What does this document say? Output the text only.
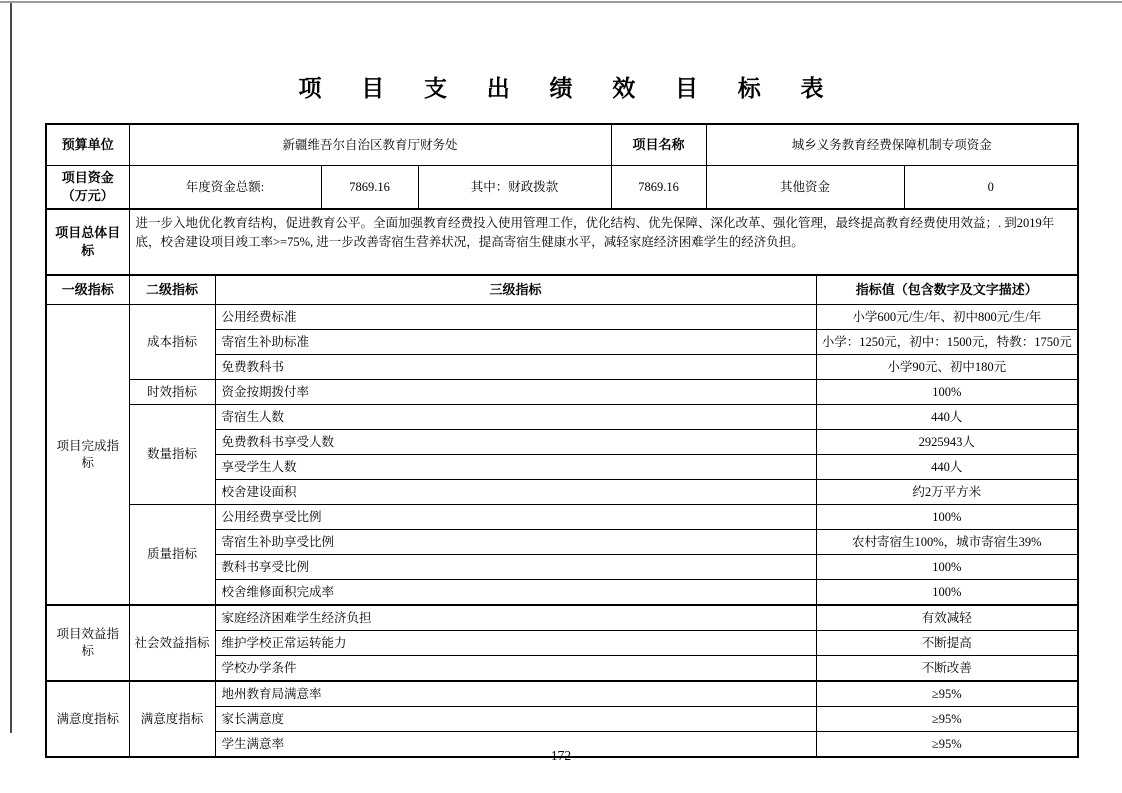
项 目 支 出 绩 效 目 标 表
预算单位	新疆维吾尔自治区教育厅财务处				项目名称	城乡义务教育经费保障机制专项资金		
项目资金（万元）	年度资金总额:		7869.16	其中：财政拨款	7869.16	其他资金		0
项目总体目标	进一步入地优化教育结构，促进教育公平。全面加强教育经费投入使用管理工作，优化结构、优先保障、深化改革、强化管理，最终提高教育经费使用效益；. 到2019年底，校舍建设项目竣工率>=75%, 进一步改善寄宿生营养状况，提高寄宿生健康水平，减轻家庭经济困难学生的经济负担。							
一级指标	二级指标	三级指标					指标值（包含数字及文字描述）	
项目完成指标	成本指标	公用经费标准					小学600元/生/年、初中800元/生/年	
		寄宿生补助标准					小学：1250元，初中：1500元，特教：1750元	
		免费教科书					小学90元、初中180元	
	时效指标	资金按期拨付率					100%	
	数量指标	寄宿生人数					440人	
		免费教科书享受人数					2925943人	
		享受学生人数					440人	
		校舍建设面积					约2万平方米	
	质量指标	公用经费享受比例					100%	
		寄宿生补助享受比例					农村寄宿生100%，城市寄宿生39%	
		教科书享受比例					100%	
		校舍维修面积完成率					100%	
项目效益指标	社会效益指标	家庭经济困难学生经济负担					有效减轻	
		维护学校正常运转能力					不断提高	
		学校办学条件					不断改善	
满意度指标	满意度指标	地州教育局满意率					≥95%	
		家长满意度					≥95%	
		学生满意率					≥95%	
172
